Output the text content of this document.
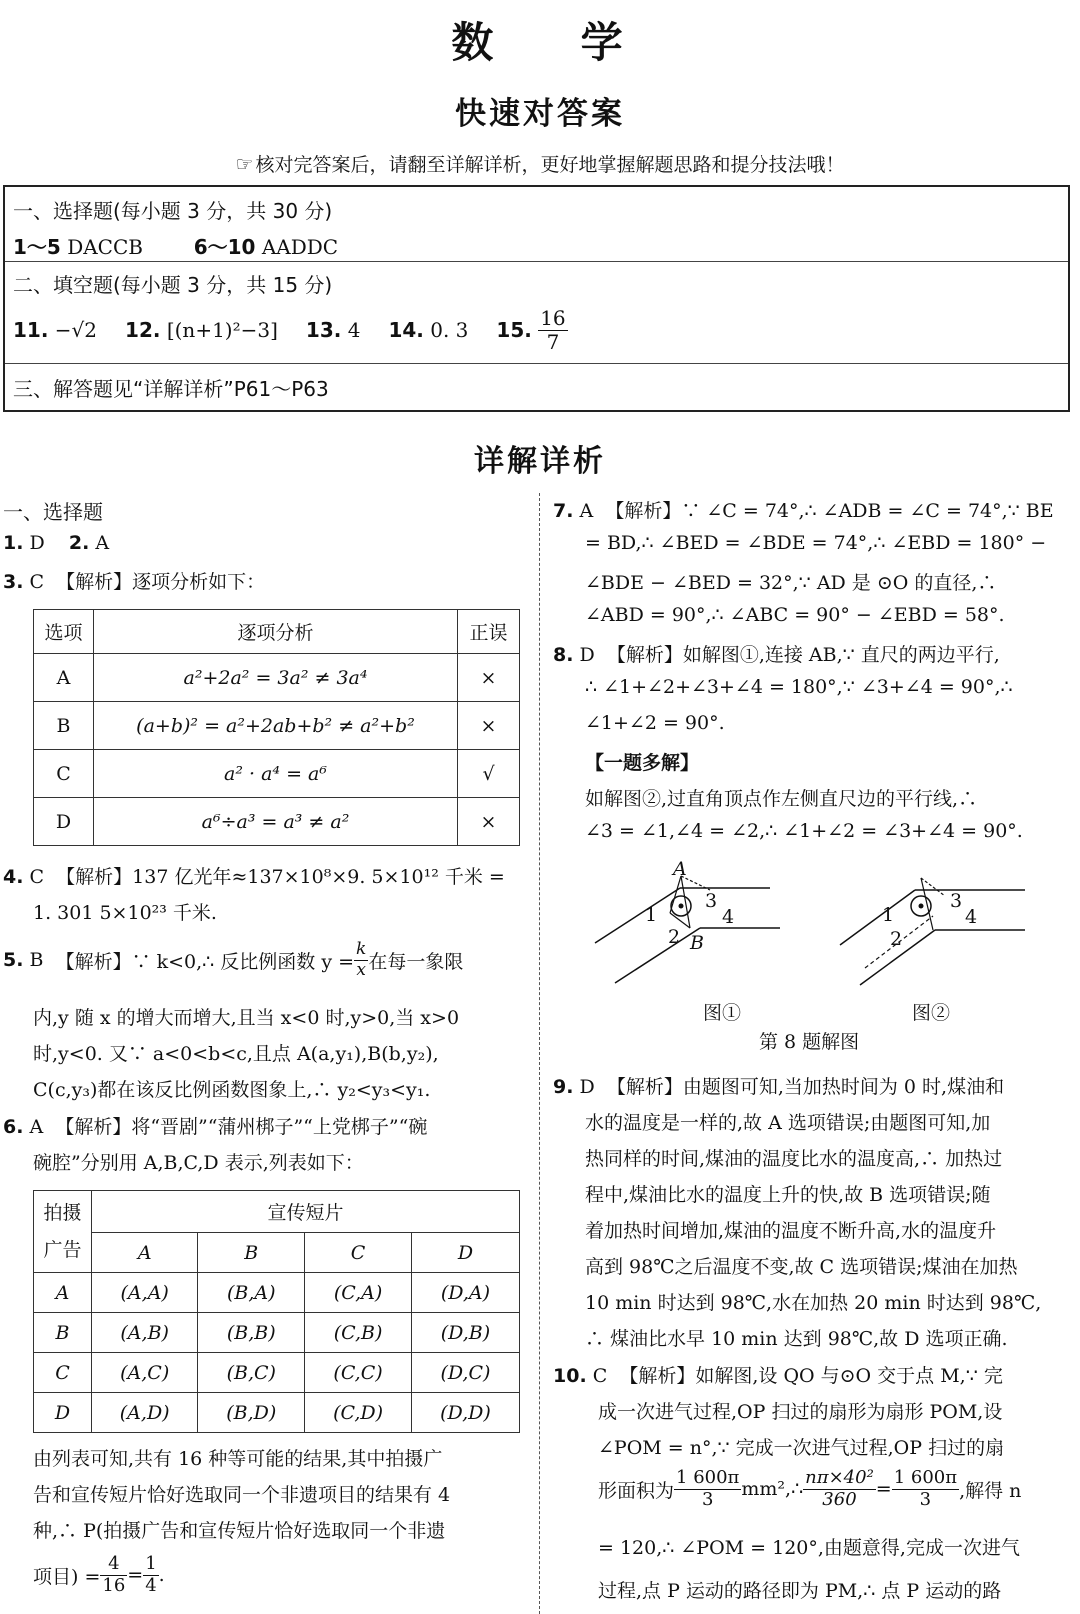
数 学
快速对答案
☞ 核对完答案后，请翻至详解详析，更好地掌握解题思路和提分技法哦！
一、选择题(每小题 3 分，共 30 分)
1～5 DACCB	6～10 AADDC
二、填空题(每小题 3 分，共 15 分)
11.
−√2 12.
[(n+1)²−3] 13.
4 14.
0. 3 15.
$\frac{16}{7}$
三、解答题见“详解详析”P61～P63
详解详析
一、选择题
1. D 2. A
3. C 【解析】逐项分析如下：
选项	逐项分析	正误
A	a²+2a² = 3a² ≠ 3a⁴	×
B	(a+b)² = a²+2ab+b² ≠ a²+b²	×
C	a² · a⁴ = a⁶	√
D	a⁶÷a³ = a³ ≠ a²	×
4. C 【解析】137 亿光年≈137×10⁸×9. 5×10¹² 千米 =
1. 301 5×10²³ 千米.
5.
B
【解析】∵ k<0,∴ 反比例函数 $y = \frac{k}{x}$ 在每一象限
内,y 随 x 的增大而增大,且当 x<0 时,y>0,当 x>0
时,y<0. 又∵ a<0<b<c,且点 A(a,y₁),B(b,y₂),
C(c,y₃)都在该反比例函数图象上,∴ y₂<y₃<y₁.
6. A 【解析】将“晋剧”“蒲州梆子”“上党梆子”“碗
碗腔”分别用 A,B,C,D 表示,列表如下：
拍摄
广告	宣传短片			
	A	B	C	D
A	(A,A)	(B,A)	(C,A)	(D,A)
B	(A,B)	(B,B)	(C,B)	(D,B)
C	(A,C)	(B,C)	(C,C)	(D,C)
D	(A,D)	(B,D)	(C,D)	(D,D)
由列表可知,共有 16 种等可能的结果,其中拍摄广
告和宣传短片恰好选取同一个非遗项目的结果有 4
种,∴ P(拍摄广告和宣传短片恰好选取同一个非遗
项目) = $\frac{4}{16} = \frac{1}{4}$ .
7. A 【解析】∵ ∠C = 74°,∴ ∠ADB = ∠C = 74°,∵ BE
= BD,∴ ∠BED = ∠BDE = 74°,∴ ∠EBD = 180° −
∠BDE − ∠BED = 32°,∵ AD 是 ⊙O 的直径,∴
∠ABD = 90°,∴ ∠ABC = 90° − ∠EBD = 58°.
8. D 【解析】如解图①,连接 AB,∵ 直尺的两边平行,
∴ ∠1+∠2+∠3+∠4 = 180°,∵ ∠3+∠4 = 90°,∴
∠1+∠2 = 90°.
【一题多解】
如解图②,过直角顶点作左侧直尺边的平行线,∴
∠3 = ∠1,∠4 = ∠2,∴ ∠1+∠2 = ∠3+∠4 = 90°.
A
B
1
2
3
4	1
2
3
4
图①	图②
第 8 题解图
9. D 【解析】由题图可知,当加热时间为 0 时,煤油和
水的温度是一样的,故 A 选项错误;由题图可知,加
热同样的时间,煤油的温度比水的温度高,∴ 加热过
程中,煤油比水的温度上升的快,故 B 选项错误;随
着加热时间增加,煤油的温度不断升高,水的温度升
高到 98℃之后温度不变,故 C 选项错误;煤油在加热
10 min 时达到 98℃,水在加热 20 min 时达到 98℃,
∴ 煤油比水早 10 min 达到 98℃,故 D 选项正确.
10. C 【解析】如解图,设 QO 与⊙O 交于点 M,∵ 完
成一次进气过程,OP 扫过的扇形为扇形 POM,设
∠POM = n°,∵ 完成一次进气过程,OP 扫过的扇
形面积为 $\frac{1 600\pi}{3}$ mm²,∴ $\frac{\text{nπ×40²}}{360} = \frac{1 600\pi}{3}$ ,解得 n
= 120,∴ ∠POM = 120°,由题意得,完成一次进气
过程,点 P 运动的路径即为 PM,∴ 点 P 运动的路
